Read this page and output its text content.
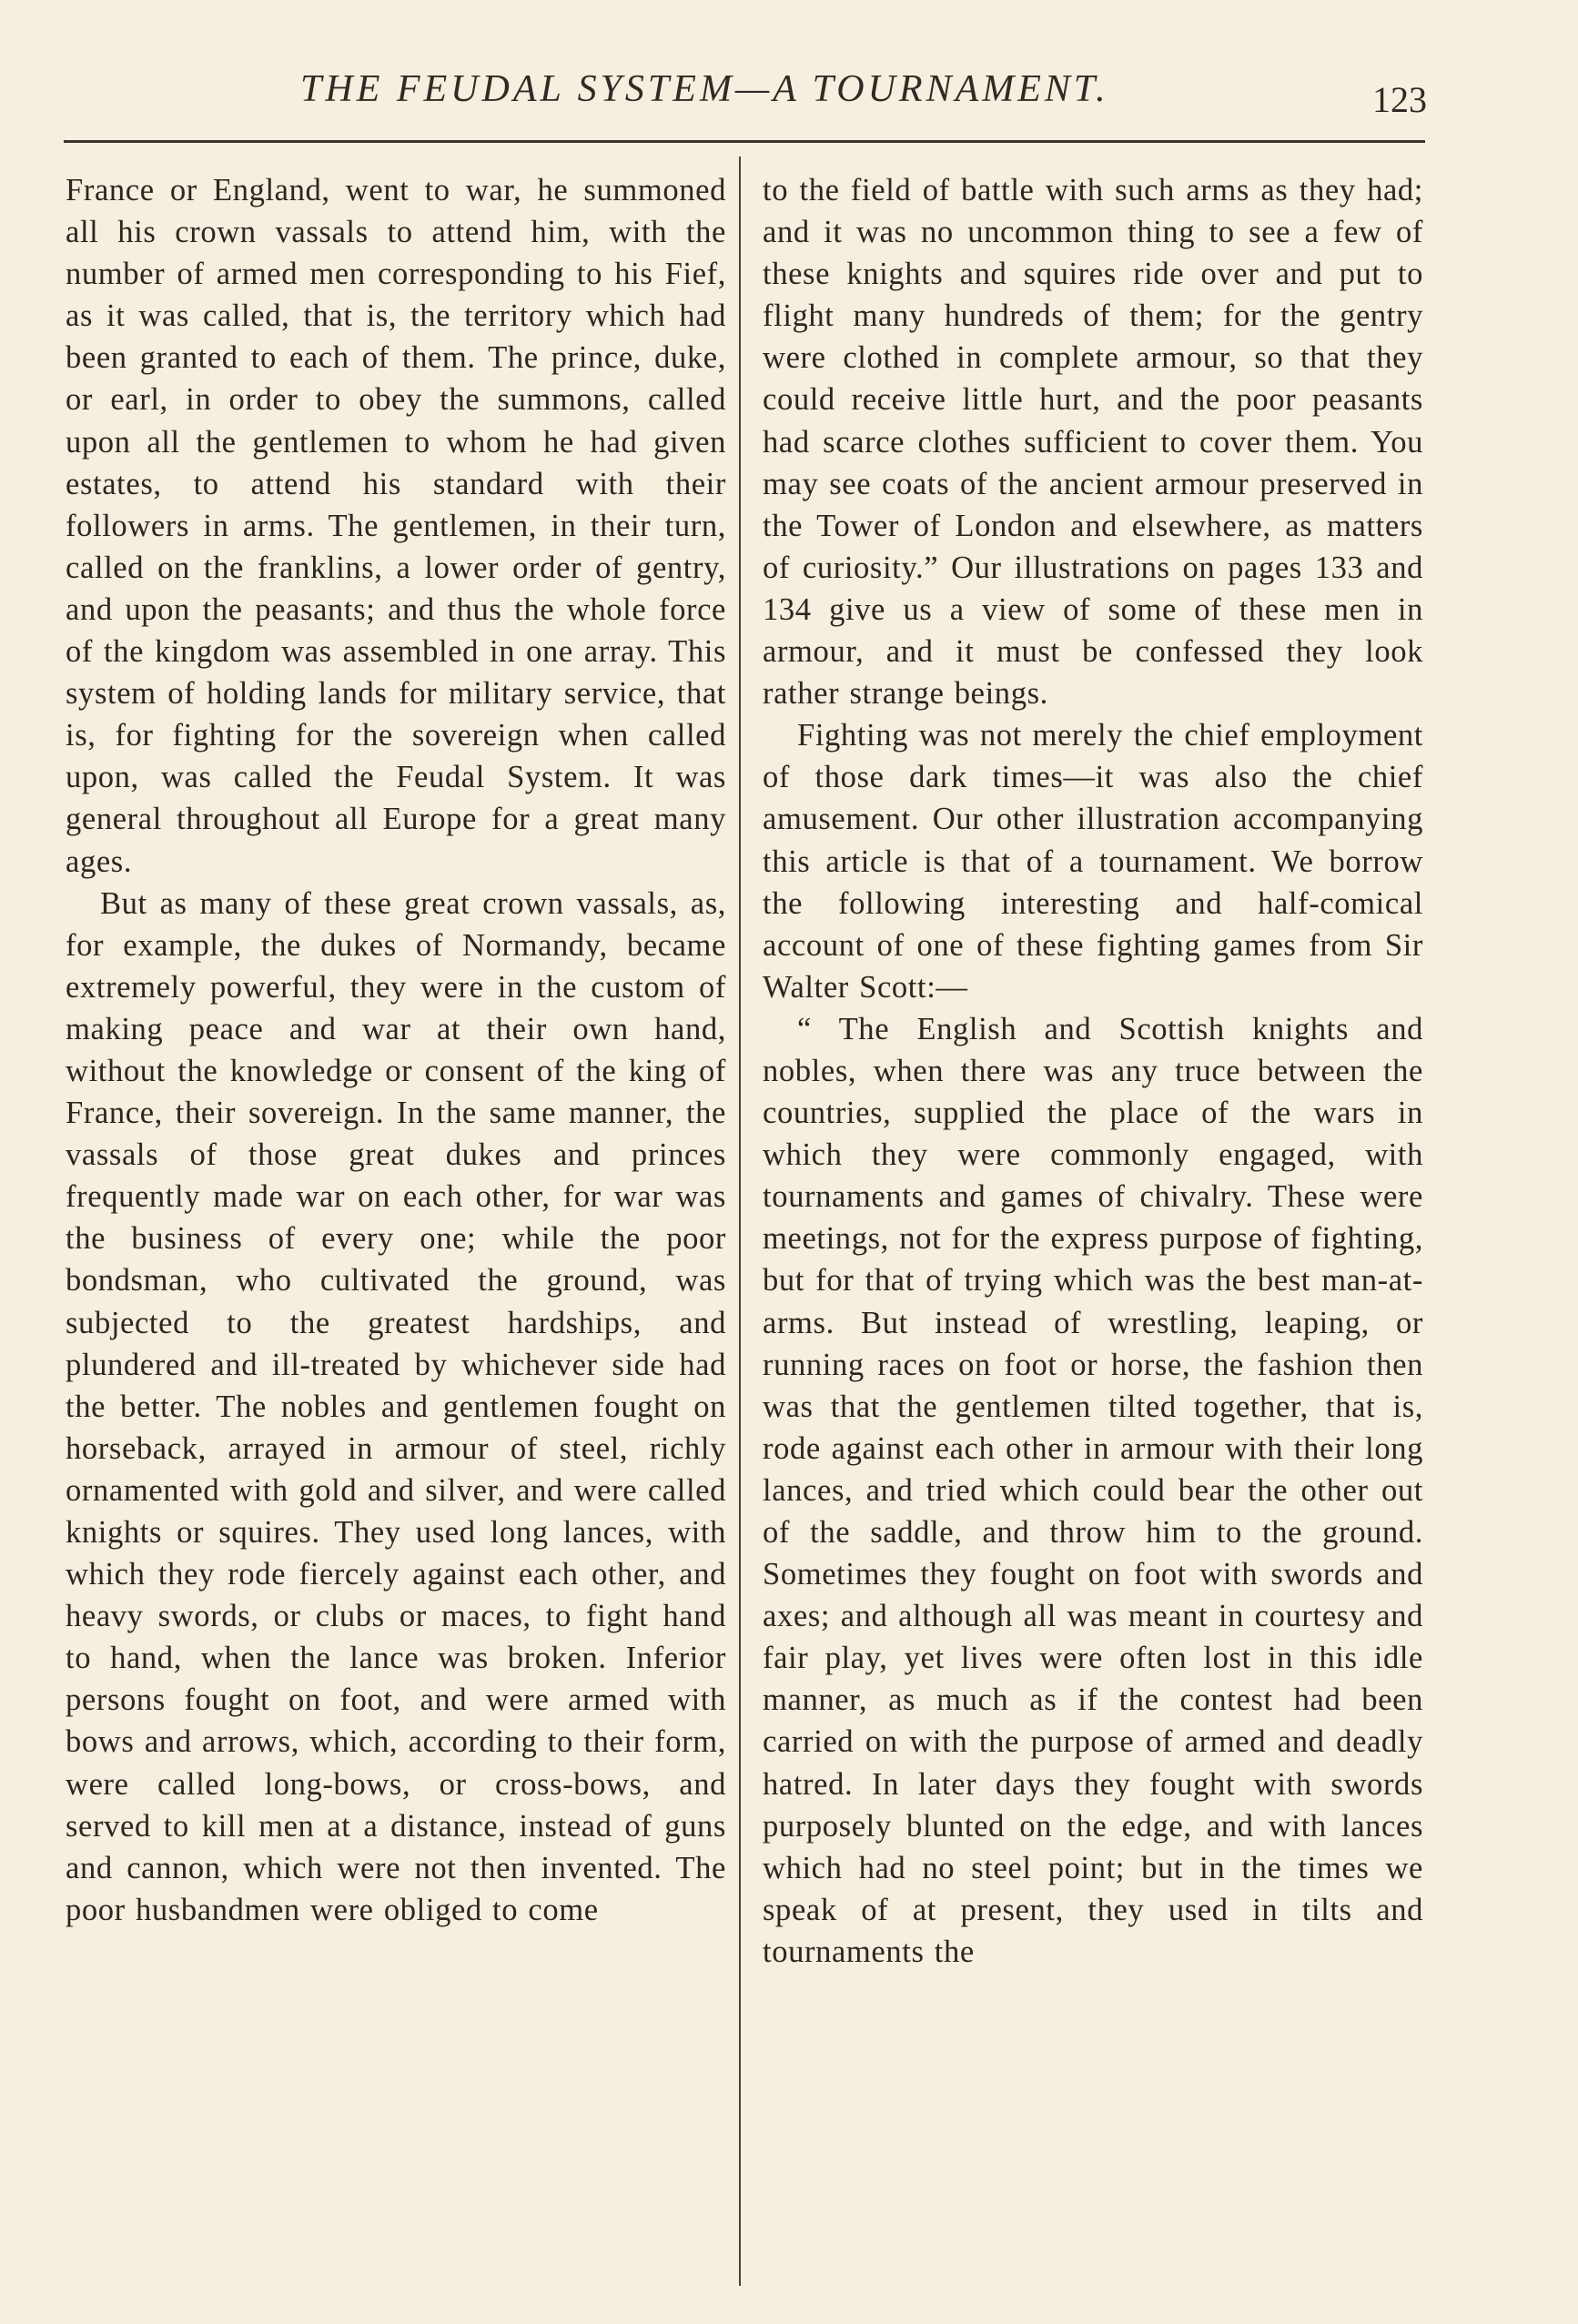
THE FEUDAL SYSTEM—A TOURNAMENT.	123

France or England, went to war, he summoned all his crown vassals to attend him, with the number of armed men corresponding to his Fief, as it was called, that is, the territory which had been granted to each of them. The prince, duke, or earl, in order to obey the summons, called upon all the gentlemen to whom he had given estates, to attend his standard with their followers in arms. The gentlemen, in their turn, called on the franklins, a lower order of gentry, and upon the peasants; and thus the whole force of the kingdom was assembled in one array. This system of holding lands for military service, that is, for fighting for the sovereign when called upon, was called the Feudal System. It was general throughout all Europe for a great many ages.

But as many of these great crown vassals, as, for example, the dukes of Normandy, became extremely powerful, they were in the custom of making peace and war at their own hand, without the knowledge or consent of the king of France, their sovereign. In the same manner, the vassals of those great dukes and princes frequently made war on each other, for war was the business of every one; while the poor bondsman, who cultivated the ground, was subjected to the greatest hardships, and plundered and ill-treated by whichever side had the better. The nobles and gentlemen fought on horseback, arrayed in armour of steel, richly ornamented with gold and silver, and were called knights or squires. They used long lances, with which they rode fiercely against each other, and heavy swords, or clubs or maces, to fight hand to hand, when the lance was broken. Inferior persons fought on foot, and were armed with bows and arrows, which, according to their form, were called long-bows, or cross-bows, and served to kill men at a distance, instead of guns and cannon, which were not then invented. The poor husbandmen were obliged to come

to the field of battle with such arms as they had; and it was no uncommon thing to see a few of these knights and squires ride over and put to flight many hundreds of them; for the gentry were clothed in complete armour, so that they could receive little hurt, and the poor peasants had scarce clothes sufficient to cover them. You may see coats of the ancient armour preserved in the Tower of London and elsewhere, as matters of curiosity.” Our illustrations on pages 133 and 134 give us a view of some of these men in armour, and it must be confessed they look rather strange beings.

Fighting was not merely the chief employment of those dark times—it was also the chief amusement. Our other illustration accompanying this article is that of a tournament. We borrow the following interesting and half-comical account of one of these fighting games from Sir Walter Scott:—

“ The English and Scottish knights and nobles, when there was any truce between the countries, supplied the place of the wars in which they were commonly engaged, with tournaments and games of chivalry. These were meetings, not for the express purpose of fighting, but for that of trying which was the best man-at-arms. But instead of wrestling, leaping, or running races on foot or horse, the fashion then was that the gentlemen tilted together, that is, rode against each other in armour with their long lances, and tried which could bear the other out of the saddle, and throw him to the ground. Sometimes they fought on foot with swords and axes; and although all was meant in courtesy and fair play, yet lives were often lost in this idle manner, as much as if the contest had been carried on with the purpose of armed and deadly hatred. In later days they fought with swords purposely blunted on the edge, and with lances which had no steel point; but in the times we speak of at present, they used in tilts and tournaments the
